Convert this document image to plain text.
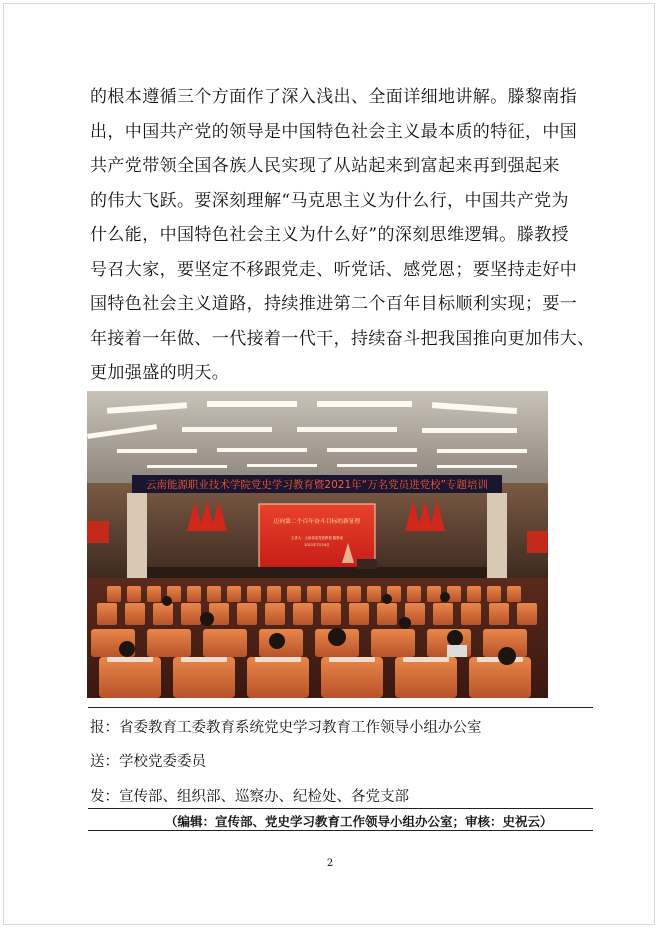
的根本遵循三个方面作了深入浅出、全面详细地讲解。滕黎南指
出，中国共产党的领导是中国特色社会主义最本质的特征，中国
共产党带领全国各族人民实现了从站起来到富起来再到强起来
的伟大飞跃。要深刻理解“马克思主义为什么行，中国共产党为
什么能，中国特色社会主义为什么好”的深刻思维逻辑。滕教授
号召大家，要坚定不移跟党走、听党话、感党恩；要坚持走好中
国特色社会主义道路，持续推进第二个百年目标顺利实现；要一
年接着一年做、一代接着一代干，持续奋斗把我国推向更加伟大、
更加强盛的明天。
云南能源职业技术学院党史学习教育暨2021年“万名党员进党校”专题培训
迈向第二个百年奋斗目标的新征程
主讲人：云南省委党校教授 滕黎南
2021年7月14日
报：省委教育工委教育系统党史学习教育工作领导小组办公室
送：学校党委委员
发：宣传部、组织部、巡察办、纪检处、各党支部
（编辑：宣传部、党史学习教育工作领导小组办公室；审核：史祝云）
2
